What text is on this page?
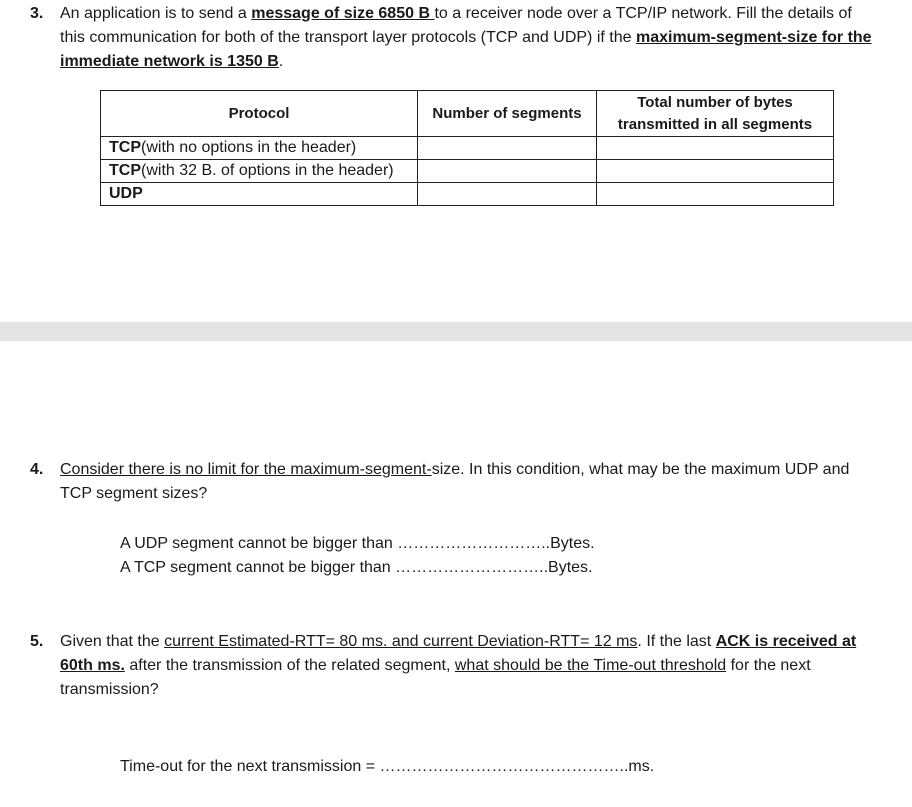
3. An application is to send a message of size 6850 B to a receiver node over a TCP/IP network. Fill the details of this communication for both of the transport layer protocols (TCP and UDP) if the maximum-segment-size for the immediate network is 1350 B.
Protocol	Number of segments	Total number of bytes transmitted in all segments
TCP(with no options in the header)		
TCP(with 32 B. of options in the header)		
UDP		
4. Consider there is no limit for the maximum-segment-size. In this condition, what may be the maximum UDP and TCP segment sizes?
A UDP segment cannot be bigger than ………………………..Bytes.
A TCP segment cannot be bigger than ………………………..Bytes.
5. Given that the current Estimated-RTT= 80 ms. and current Deviation-RTT= 12 ms. If the last ACK is received at 60th ms. after the transmission of the related segment, what should be the Time-out threshold for the next transmission?
Time-out for the next transmission = ………………………………………..ms.
